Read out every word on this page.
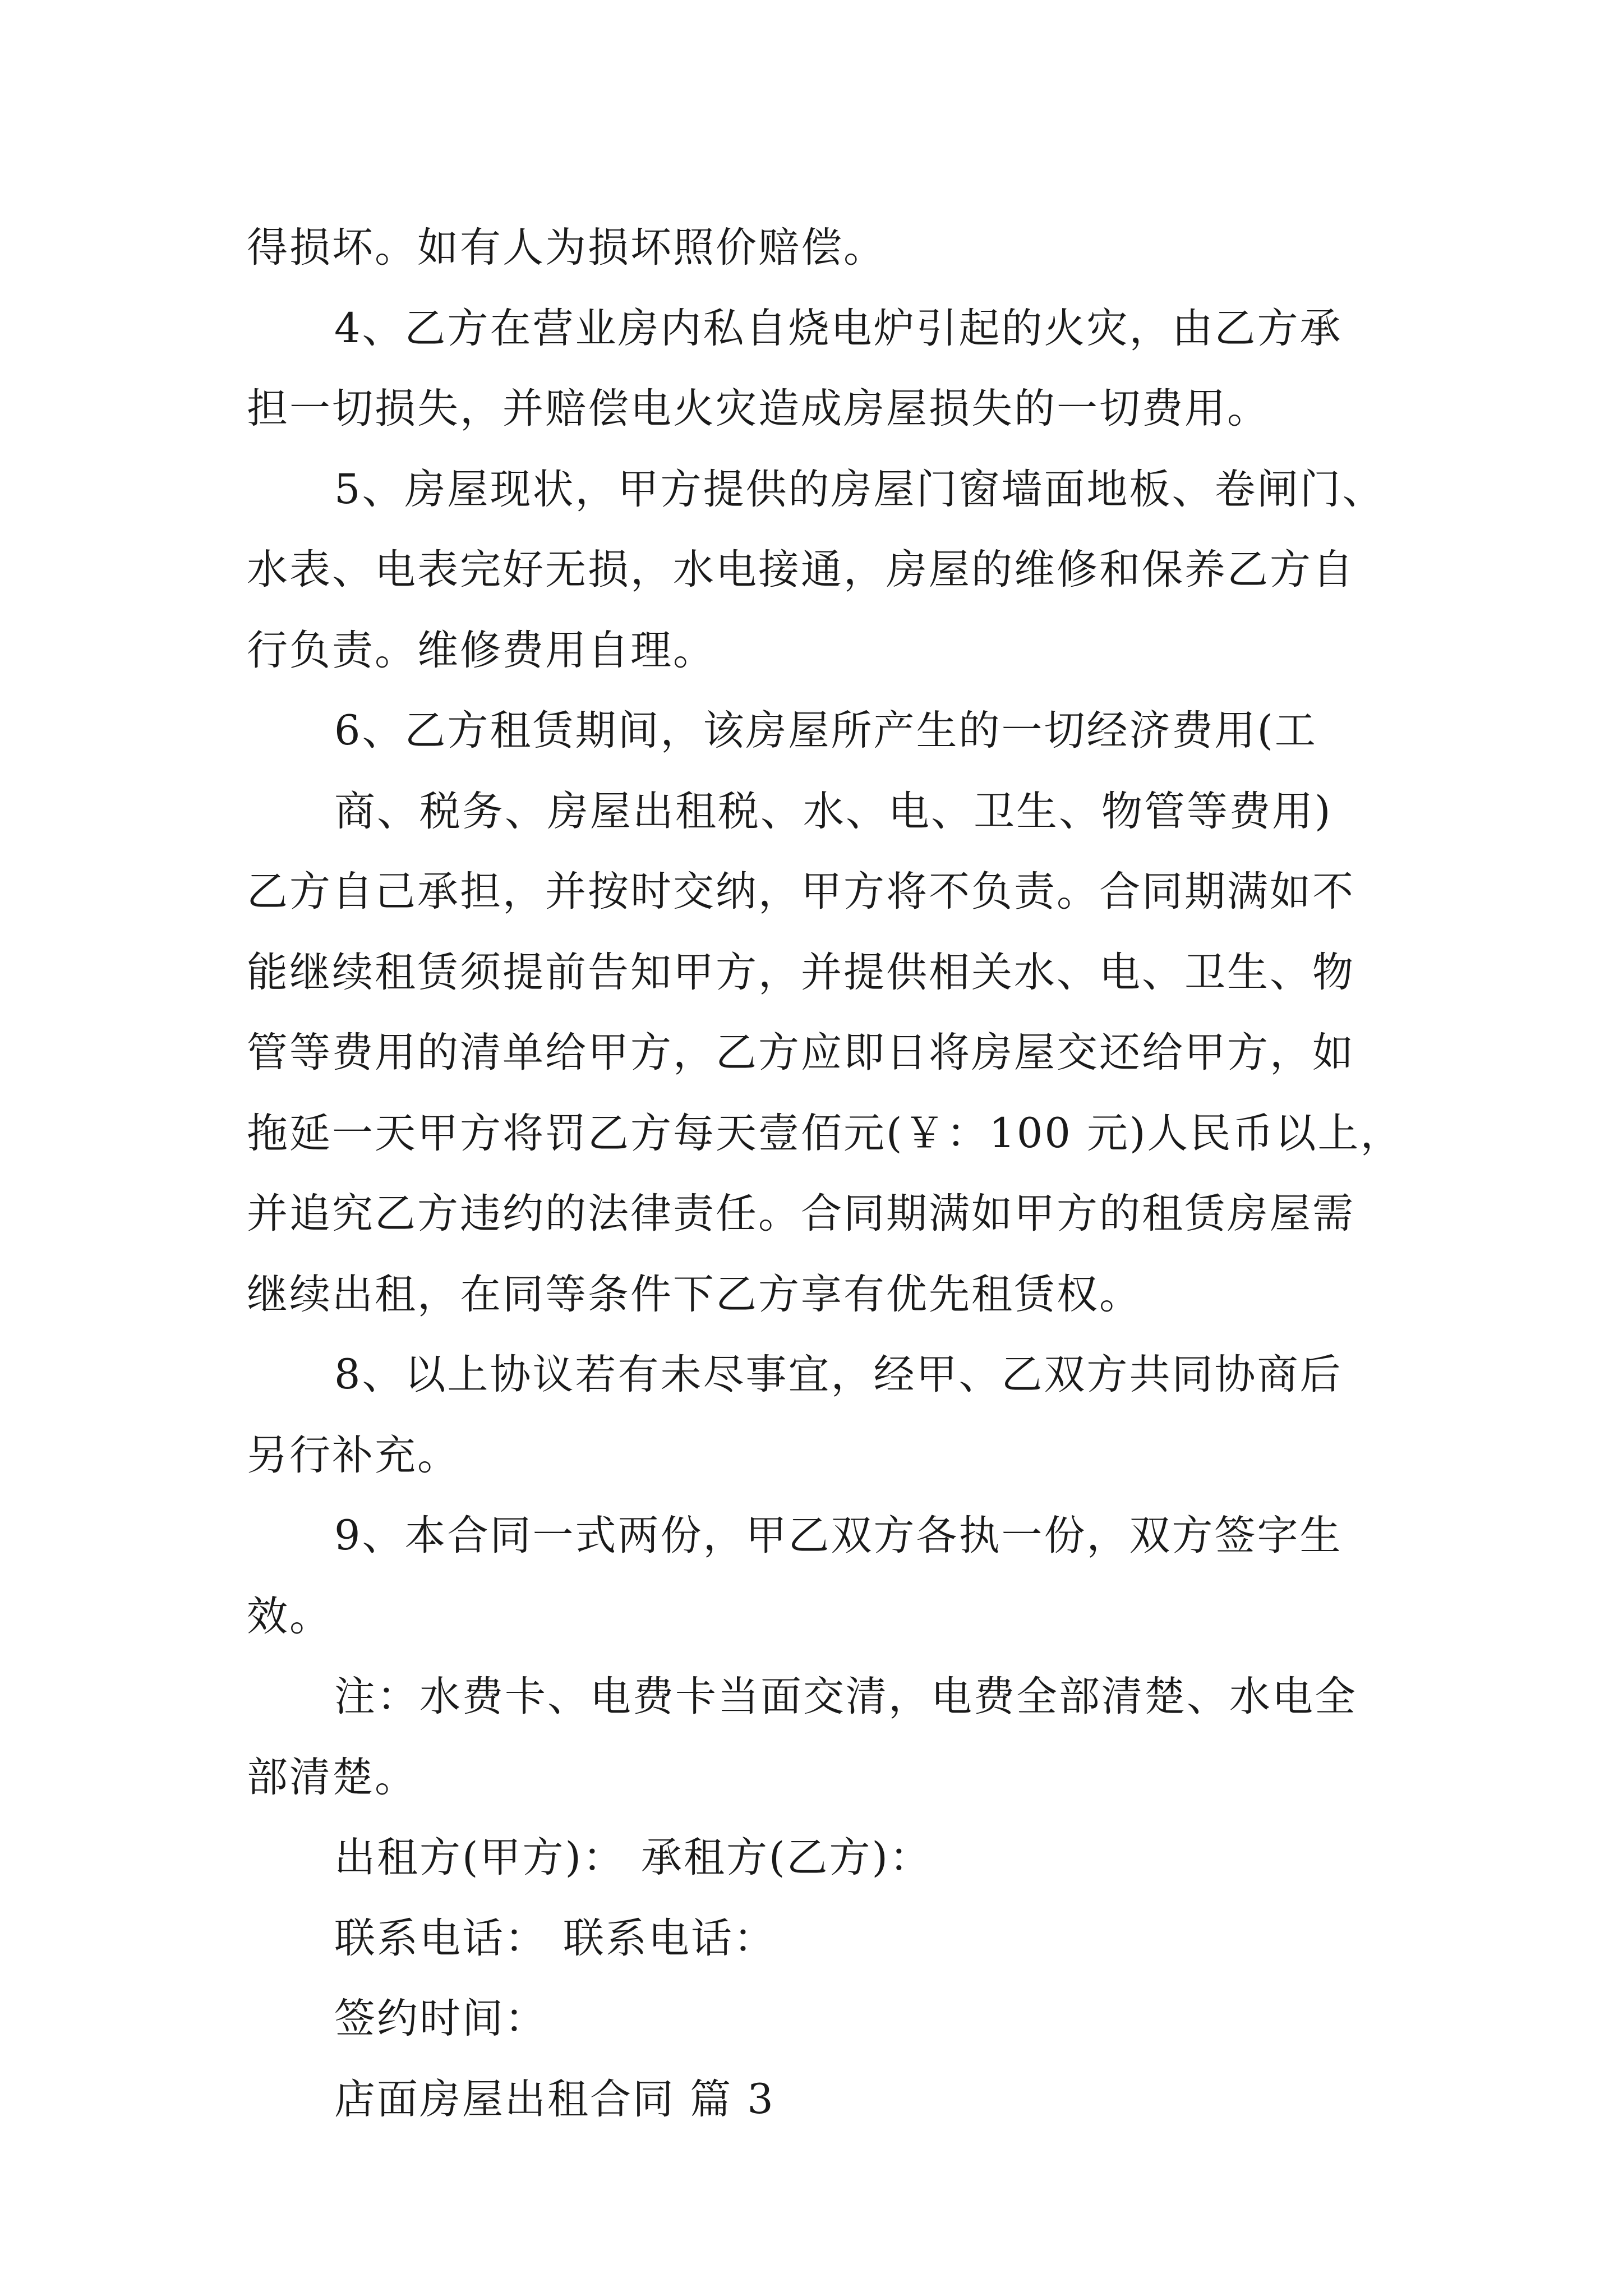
得损坏。如有人为损坏照价赔偿。
4、乙方在营业房内私自烧电炉引起的火灾，由乙方承
担一切损失，并赔偿电火灾造成房屋损失的一切费用。
5、房屋现状，甲方提供的房屋门窗墙面地板、卷闸门、
水表、电表完好无损，水电接通，房屋的维修和保养乙方自
行负责。维修费用自理。
6、乙方租赁期间，该房屋所产生的一切经济费用(工
商、税务、房屋出租税、水、电、卫生、物管等费用)
乙方自己承担，并按时交纳，甲方将不负责。合同期满如不
能继续租赁须提前告知甲方，并提供相关水、电、卫生、物
管等费用的清单给甲方，乙方应即日将房屋交还给甲方，如
拖延一天甲方将罚乙方每天壹佰元(￥：100 元)人民币以上，
并追究乙方违约的法律责任。合同期满如甲方的租赁房屋需
继续出租，在同等条件下乙方享有优先租赁权。
8、以上协议若有未尽事宜，经甲、乙双方共同协商后
另行补充。
9、本合同一式两份，甲乙双方各执一份，双方签字生
效。
注：水费卡、电费卡当面交清，电费全部清楚、水电全
部清楚。
出租方(甲方)： 承租方(乙方)：
联系电话： 联系电话：
签约时间：
店面房屋出租合同 篇 3
